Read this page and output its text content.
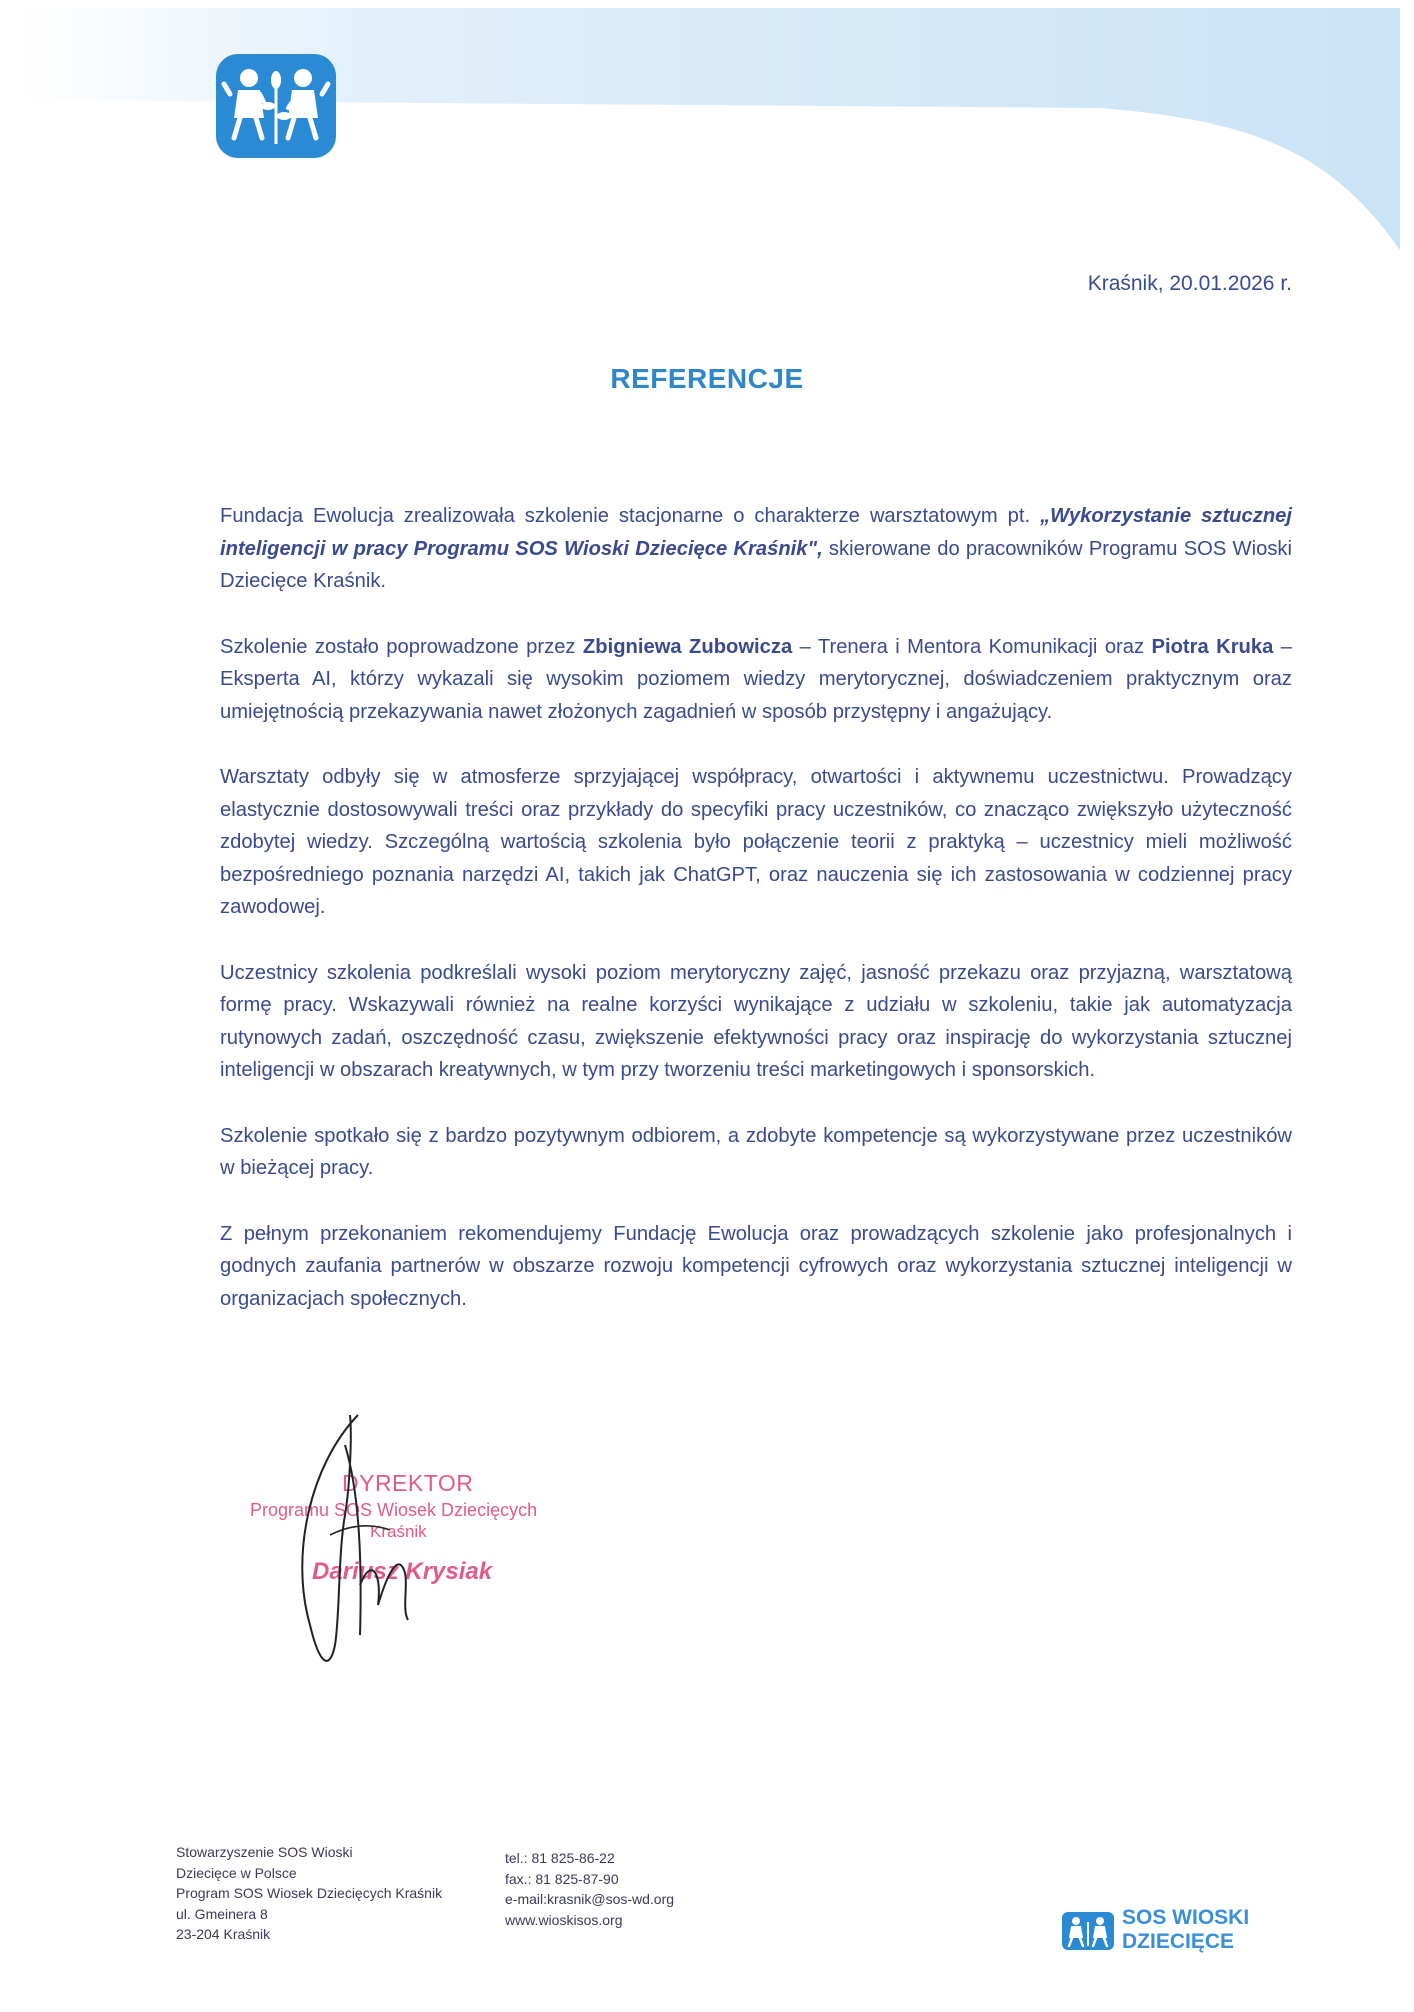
Kraśnik, 20.01.2026 r.
REFERENCJE

Fundacja Ewolucja zrealizowała szkolenie stacjonarne o charakterze warsztatowym pt. „Wykorzystanie sztucznej inteligencji w pracy Programu SOS Wioski Dziecięce Kraśnik", skierowane do pracowników Programu SOS Wioski Dziecięce Kraśnik.

Szkolenie zostało poprowadzone przez Zbigniewa Zubowicza – Trenera i Mentora Komunikacji oraz Piotra Kruka – Eksperta AI, którzy wykazali się wysokim poziomem wiedzy merytorycznej, doświadczeniem praktycznym oraz umiejętnością przekazywania nawet złożonych zagadnień w sposób przystępny i angażujący.

Warsztaty odbyły się w atmosferze sprzyjającej współpracy, otwartości i aktywnemu uczestnictwu. Prowadzący elastycznie dostosowywali treści oraz przykłady do specyfiki pracy uczestników, co znacząco zwiększyło użyteczność zdobytej wiedzy. Szczególną wartością szkolenia było połączenie teorii z praktyką – uczestnicy mieli możliwość bezpośredniego poznania narzędzi AI, takich jak ChatGPT, oraz nauczenia się ich zastosowania w codziennej pracy zawodowej.

Uczestnicy szkolenia podkreślali wysoki poziom merytoryczny zajęć, jasność przekazu oraz przyjazną, warsztatową formę pracy. Wskazywali również na realne korzyści wynikające z udziału w szkoleniu, takie jak automatyzacja rutynowych zadań, oszczędność czasu, zwiększenie efektywności pracy oraz inspirację do wykorzystania sztucznej inteligencji w obszarach kreatywnych, w tym przy tworzeniu treści marketingowych i sponsorskich.

Szkolenie spotkało się z bardzo pozytywnym odbiorem, a zdobyte kompetencje są wykorzystywane przez uczestników w bieżącej pracy.

Z pełnym przekonaniem rekomendujemy Fundację Ewolucja oraz prowadzących szkolenie jako profesjonalnych i godnych zaufania partnerów w obszarze rozwoju kompetencji cyfrowych oraz wykorzystania sztucznej inteligencji w organizacjach społecznych.

DYREKTOR
Programu SOS Wiosek Dziecięcych
Kraśnik
Dariusz Krysiak
Stowarzyszenie SOS Wioski
Dziecięce w Polsce
Program SOS Wiosek Dziecięcych Kraśnik
ul. Gmeinera 8
23-204 Kraśnik
tel.: 81 825-86-22
fax.: 81 825-87-90
e-mail:krasnik@sos-wd.org
www.wioskisos.org	SOS WIOSKI
DZIECIĘCE
